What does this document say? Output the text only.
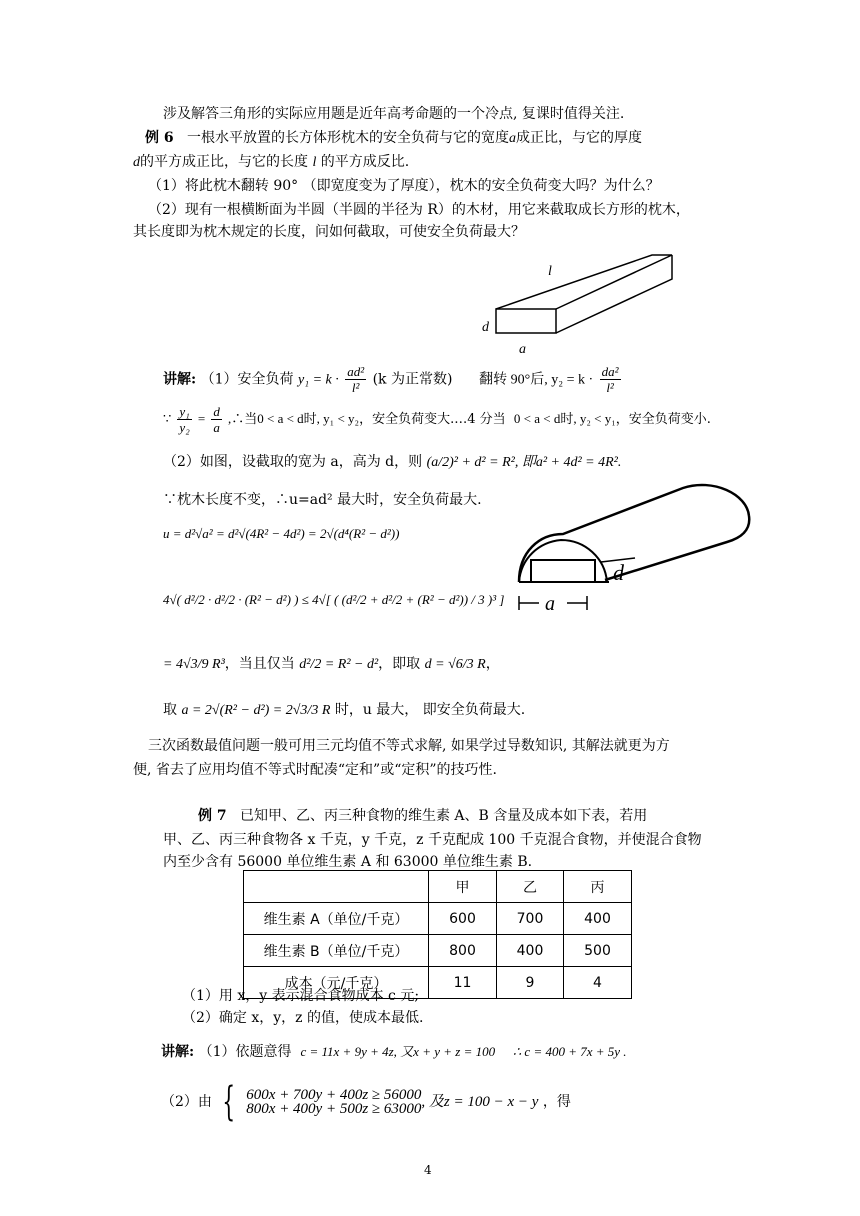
涉及解答三角形的实际应用题是近年高考命题的一个冷点, 复课时值得关注.
例 6 一根水平放置的长方体形枕木的安全负荷与它的宽度a成正比，与它的厚度
d的平方成正比，与它的长度 l 的平方成反比.
（1）将此枕木翻转 90° （即宽度变为了厚度），枕木的安全负荷变大吗？为什么？
（2）现有一根横断面为半圆（半圆的半径为 R）的木材，用它来截取成长方形的枕木，
其长度即为枕木规定的长度，问如何截取，可使安全负荷最大？
l
d
a
讲解: （1）安全负荷 $y_1 = k \cdot \frac{\text{ad²}}{\text{l²}} (k$ 为正常数) 翻转 90°后, $y_2 = k \cdot \frac{\text{da²}}{\text{l²}}$
∵ $\frac{\text{y₁}}{\text{y₂}} = \frac{d}{a}$ ,∴当0 < a < d时, y₁ < y₂，安全负荷变大.…4 分当 0 < a < d时, y₂ < y₁，安全负荷变小.
（2）如图，设截取的宽为 a，高为 d，则 (a/2)² + d² = R², 即a² + 4d² = 4R².
∵枕木长度不变，∴u=ad² 最大时，安全负荷最大.
u = d²√a² = d²√(4R² − 4d²) = 2√(d⁴(R² − d²))
4√( d²/2 · d²/2 · (R² − d²) ) ≤ 4√[ ( (d²/2 + d²/2 + (R² − d²)) / 3 )³ ]
= 4√3/9 R³，当且仅当 d²/2 = R² − d²，即取 d = √6/3 R，
取 a = 2√(R² − d²) = 2√3/3 R 时，u 最大， 即安全负荷最大.
三次函数最值问题一般可用三元均值不等式求解, 如果学过导数知识, 其解法就更为方
便, 省去了应用均值不等式时配凑“定和”或“定积”的技巧性.
d
a
例 7 已知甲、乙、丙三种食物的维生素 A、B 含量及成本如下表，若用
甲、乙、丙三种食物各 x 千克，y 千克，z 千克配成 100 千克混合食物，并使混合食物
内至少含有 56000 单位维生素 A 和 63000 单位维生素 B.
	甲	乙	丙
维生素 A（单位/千克）	600	700	400
维生素 B（单位/千克）	800	400	500
成本（元/千克）	11	9	4
（1）用 x，y 表示混合食物成本 c 元;
（2）确定 x，y，z 的值，使成本最低.
讲解: （1）依题意得 c = 11x + 9y + 4z, 又x + y + z = 100 ∴ c = 400 + 7x + 5y .
（2）由 { 600x + 700y + 400z ≥ 56000
800x + 400y + 500z ≥ 63000 , 及z = 100 − x − y ，得
4
